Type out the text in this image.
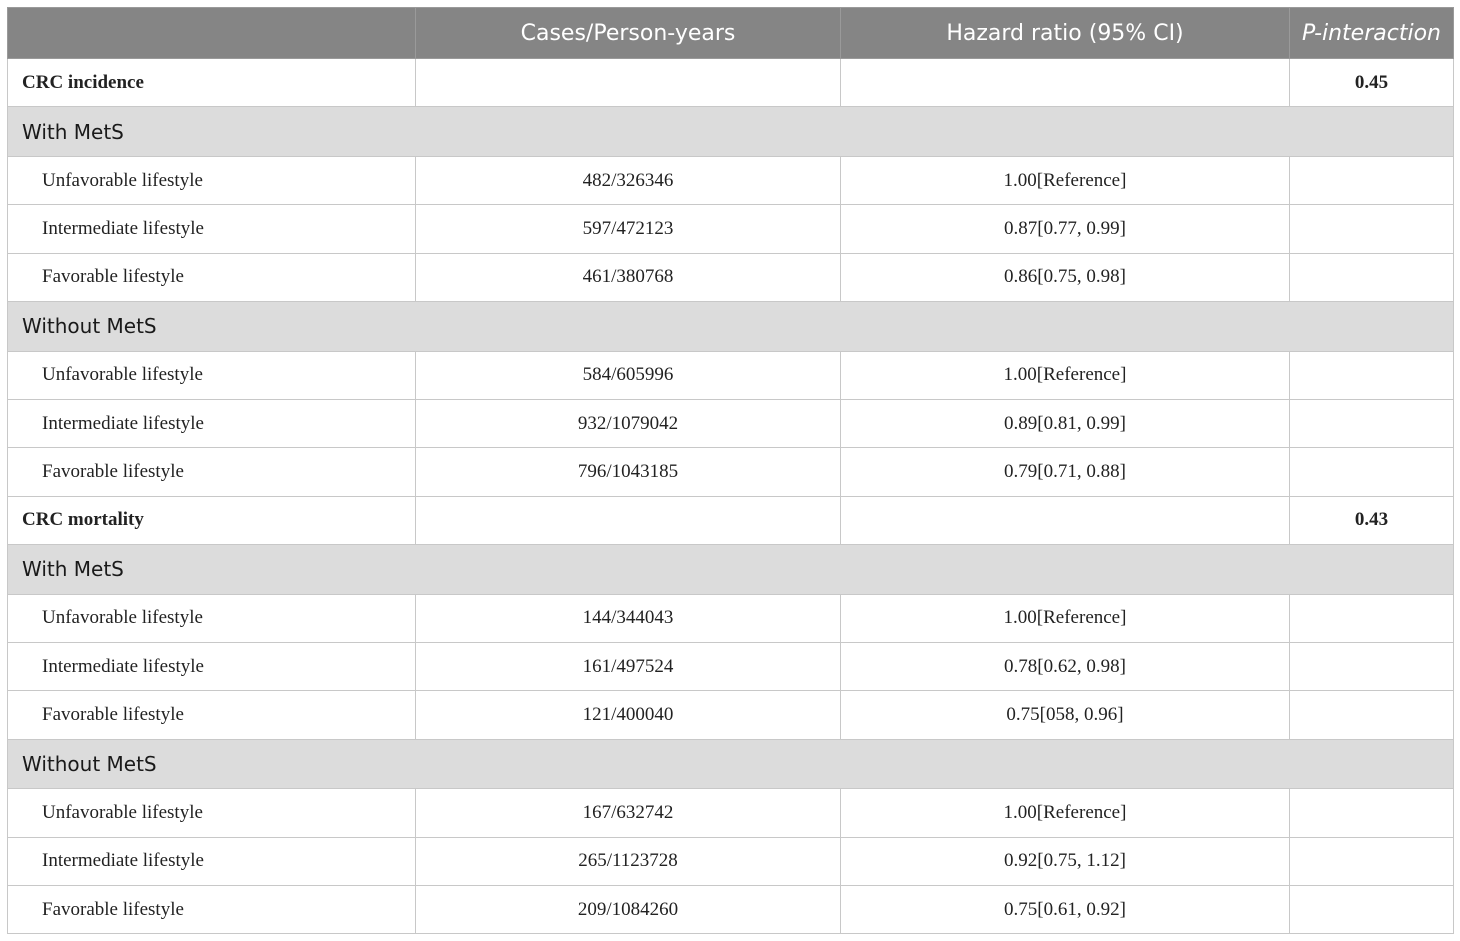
	Cases/Person-years	Hazard ratio (95% CI)	P-interaction
CRC incidence			0.45
With MetS			
Unfavorable lifestyle	482/326346	1.00[Reference]	
Intermediate lifestyle	597/472123	0.87[0.77, 0.99]	
Favorable lifestyle	461/380768	0.86[0.75, 0.98]	
Without MetS			
Unfavorable lifestyle	584/605996	1.00[Reference]	
Intermediate lifestyle	932/1079042	0.89[0.81, 0.99]	
Favorable lifestyle	796/1043185	0.79[0.71, 0.88]	
CRC mortality			0.43
With MetS			
Unfavorable lifestyle	144/344043	1.00[Reference]	
Intermediate lifestyle	161/497524	0.78[0.62, 0.98]	
Favorable lifestyle	121/400040	0.75[058, 0.96]	
Without MetS			
Unfavorable lifestyle	167/632742	1.00[Reference]	
Intermediate lifestyle	265/1123728	0.92[0.75, 1.12]	
Favorable lifestyle	209/1084260	0.75[0.61, 0.92]	
